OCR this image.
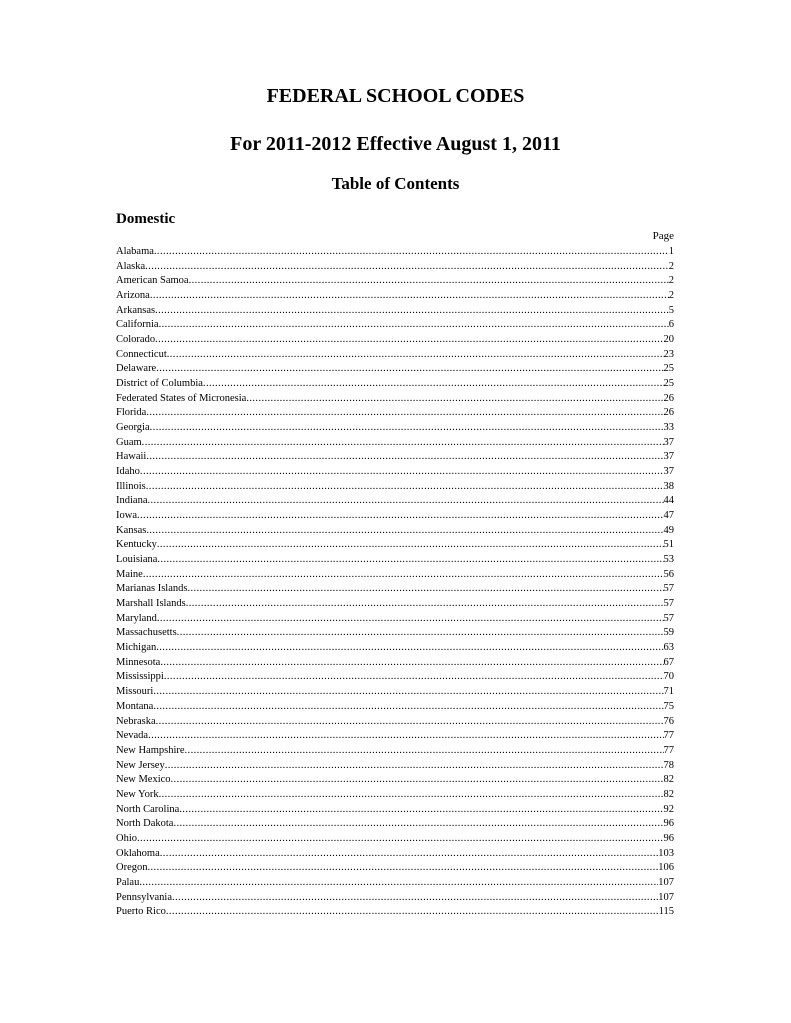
FEDERAL SCHOOL CODES
For 2011-2012 Effective August 1, 2011
Table of Contents
Domestic
Page
Alabama .....	1
Alaska .....	2
American Samoa .....	2
Arizona .....	2
Arkansas .....	5
California .....	6
Colorado .....	20
Connecticut .....	23
Delaware .....	25
District of Columbia .....	25
Federated States of Micronesia .....	26
Florida .....	26
Georgia .....	33
Guam .....	37
Hawaii .....	37
Idaho .....	37
Illinois .....	38
Indiana .....	44
Iowa .....	47
Kansas .....	49
Kentucky .....	51
Louisiana .....	53
Maine .....	56
Marianas Islands .....	57
Marshall Islands .....	57
Maryland .....	57
Massachusetts .....	59
Michigan .....	63
Minnesota .....	67
Mississippi .....	70
Missouri .....	71
Montana .....	75
Nebraska .....	76
Nevada .....	77
New Hampshire .....	77
New Jersey .....	78
New Mexico .....	82
New York .....	82
North Carolina .....	92
North Dakota .....	96
Ohio .....	96
Oklahoma .....	103
Oregon .....	106
Palau .....	107
Pennsylvania .....	107
Puerto Rico .....	115
